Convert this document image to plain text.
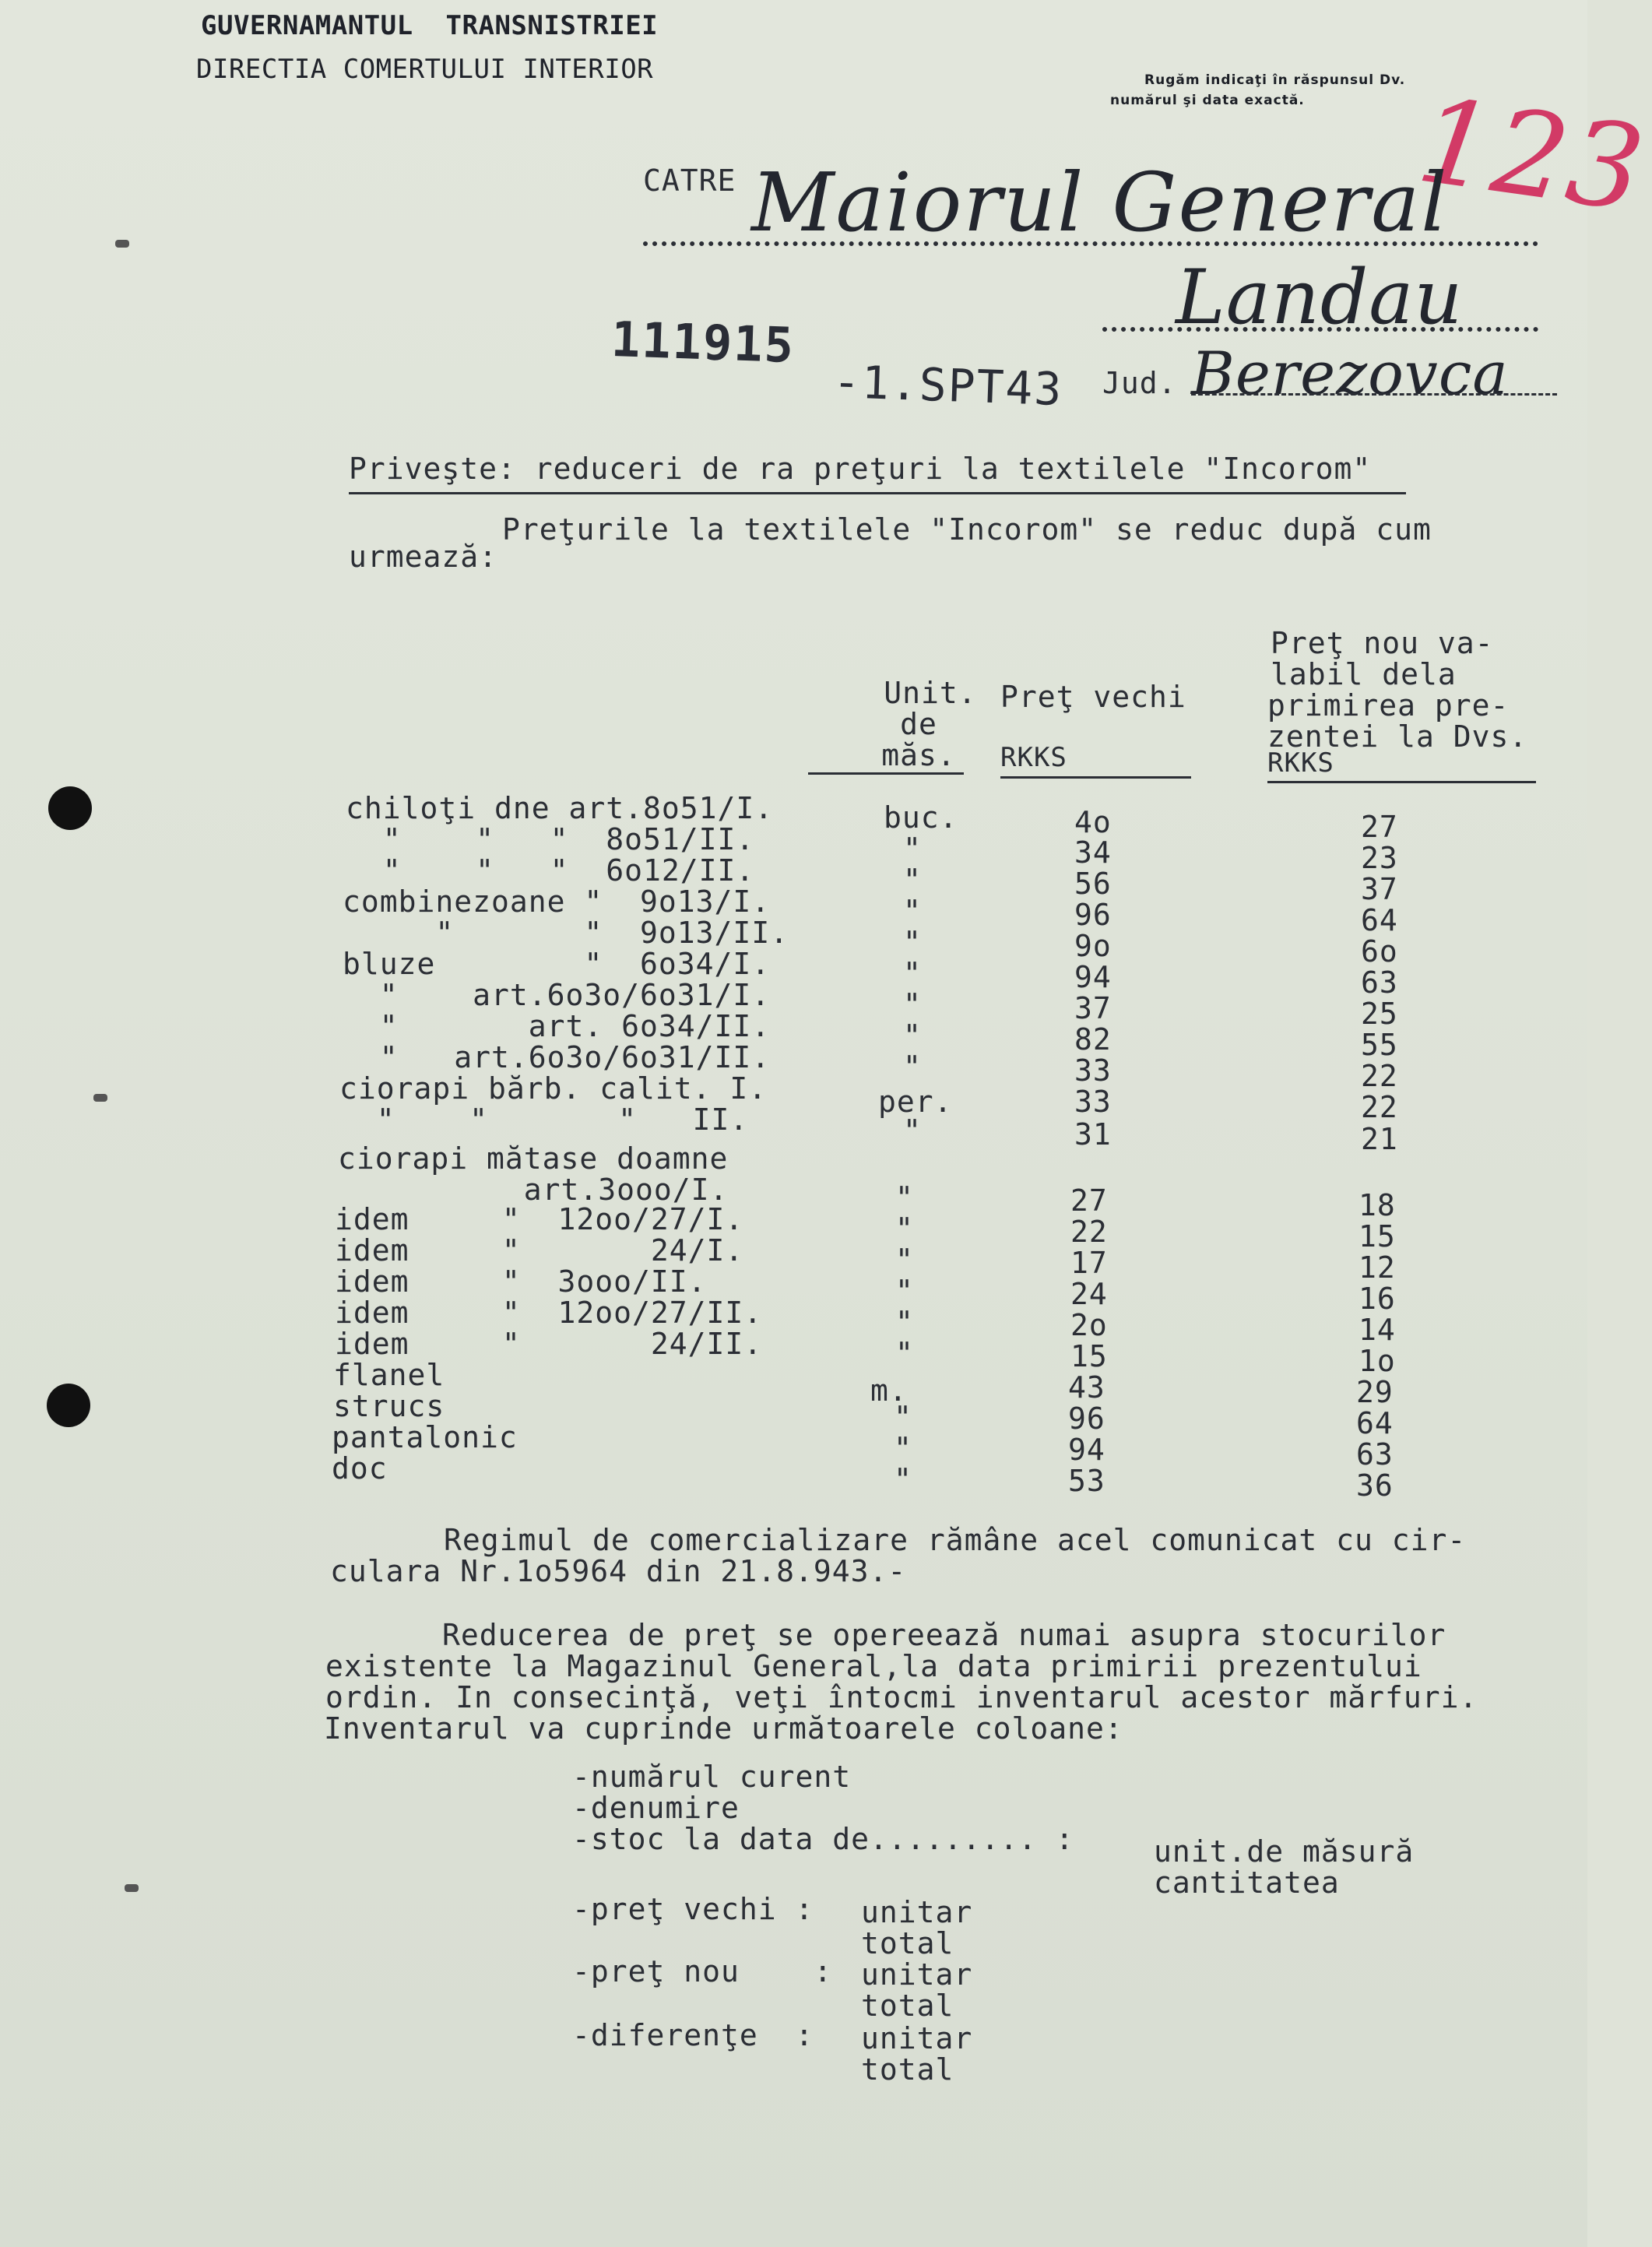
GUVERNAMANTUL  TRANSNISTRIEI
DIRECTIA COMERTULUI INTERIOR	Rugăm indicaţi în răspunsul Dv.
numărul şi data exactă. 123
CATRE Maiorul General
Landau
Jud. Berezovca
111915
-1.SPT43
Priveşte: reduceri de ra preţuri la textilele "Incorom"
Preţurile la textilele "Incorom" se reduc după cum
urmează:
Unit.
de
măs.
Preţ vechi
RKKS
Preţ nou va-
labil dela
primirea pre-
zentei la Dvs.
RKKS
chiloţi dne art.8o51/I.	buc.	4o	27
"    "   "  8o51/II.	"	34	23
"    "   "  6o12/II.	"	56	37
combinezoane "  9o13/I.	"	96	64
"       "  9o13/II.	"	9o	6o
bluze        "  6o34/I.	"	94	63
"    art.6o3o/6o31/I.	"	37	25
"       art. 6o34/II.	"	82	55
"   art.6o3o/6o31/II.	"	33	22
ciorapi bărb. calit. I.	per.	33	22
"    "       "   II.	"	31	21
ciorapi mătase doamne
art.3ooo/I.	"	27	18
idem     "  12oo/27/I.	"	22	15
idem     "       24/I.	"	17	12
idem     "  3ooo/II.	"	24	16
idem     "  12oo/27/II.	"	2o	14
idem     "       24/II.	"	15	1o
flanel	m.	43	29
strucs	"	96	64
pantalonic	"	94	63
doc	"	53	36
Regimul de comercializare rămâne acel comunicat cu cir-
culara Nr.1o5964 din 21.8.943.-
Reducerea de preţ se opereează numai asupra stocurilor
existente la Magazinul General,la data primirii prezentului
ordin. In consecinţă, veţi întocmi inventarul acestor mărfuri.
Inventarul va cuprinde următoarele coloane:
-numărul curent
-denumire
-stoc la data de......... :	unit.de măsură
cantitatea
-preţ vechi : unitar
total
-preţ nou    : unitar
total
-diferenţe  : unitar
total
